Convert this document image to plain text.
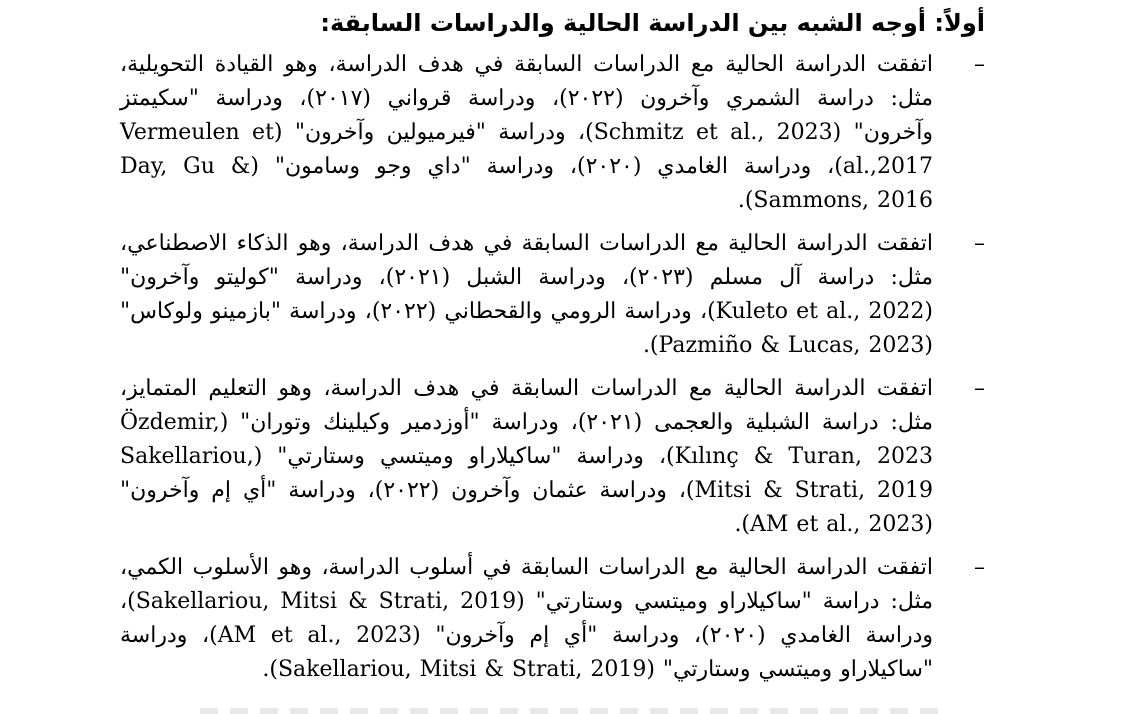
أولاً: أوجه الشبه بين الدراسة الحالية والدراسات السابقة:
–

اتفقت الدراسة الحالية مع الدراسات السابقة في هدف الدراسة، وهو القيادة التحويلية، مثل: دراسة الشمري وآخرون (٢٠٢٢)، ودراسة قرواني (٢٠١٧)، ودراسة "سكيمتز وآخرون" (Schmitz et al., 2023)، ودراسة "فيرميولين وآخرون" (Vermeulen et al.,2017)، ودراسة الغامدي (٢٠٢٠)، ودراسة "داي وجو وسامون" (Day, Gu & Sammons, 2016).

–

اتفقت الدراسة الحالية مع الدراسات السابقة في هدف الدراسة، وهو الذكاء الاصطناعي، مثل: دراسة آل مسلم (٢٠٢٣)، ودراسة الشبل (٢٠٢١)، ودراسة "كوليتو وآخرون" (Kuleto et al., 2022)، ودراسة الرومي والقحطاني (٢٠٢٢)، ودراسة "بازمينو ولوكاس" (Pazmiño & Lucas, 2023).

–

اتفقت الدراسة الحالية مع الدراسات السابقة في هدف الدراسة، وهو التعليم المتمايز، مثل: دراسة الشبلية والعجمى (٢٠٢١)، ودراسة "أوزدمير وكيلينك وتوران" (Özdemir, Kılınç & Turan, 2023)، ودراسة "ساكيلاراو وميتسي وستارتي" (Sakellariou, Mitsi & Strati, 2019)، ودراسة عثمان وآخرون (٢٠٢٢)، ودراسة "أي إم وآخرون" (AM et al., 2023).

–

اتفقت الدراسة الحالية مع الدراسات السابقة في أسلوب الدراسة، وهو الأسلوب الكمي، مثل: دراسة "ساكيلاراو وميتسي وستارتي" (Sakellariou, Mitsi & Strati, 2019)، ودراسة الغامدي (٢٠٢٠)، ودراسة "أي إم وآخرون" (AM et al., 2023)، ودراسة "ساكيلاراو وميتسي وستارتي" (Sakellariou, Mitsi & Strati, 2019).
